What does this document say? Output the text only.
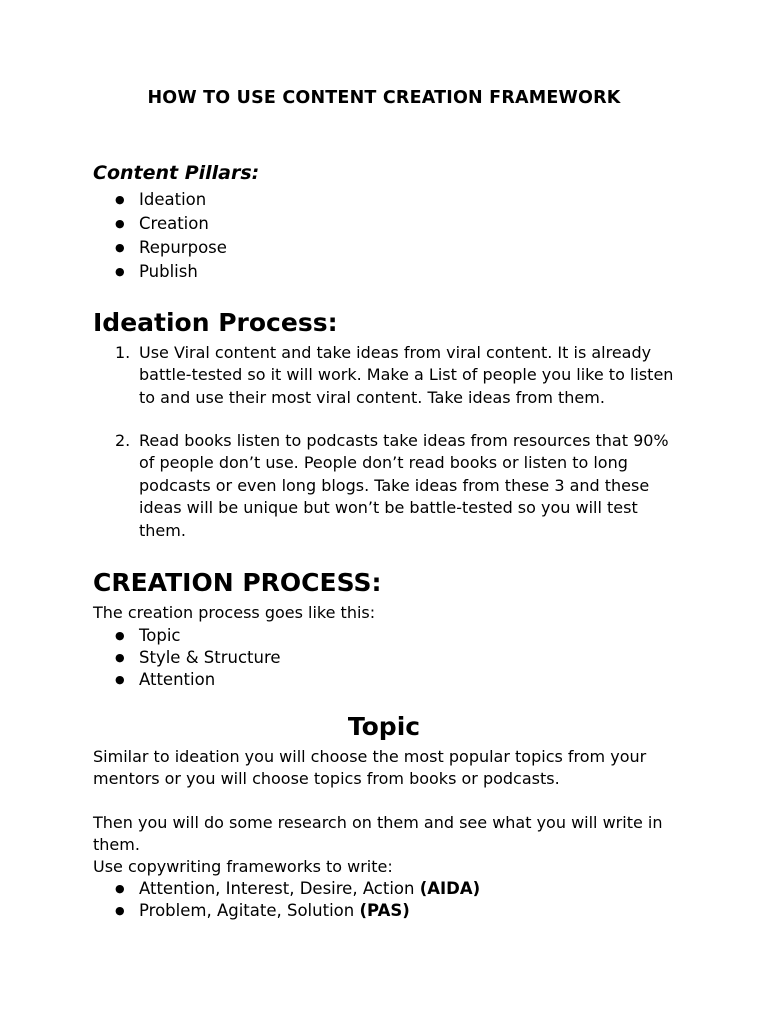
HOW TO USE CONTENT CREATION FRAMEWORK
Content Pillars:
● Ideation
● Creation
● Repurpose
● Publish
Ideation Process:
1. Use Viral content and take ideas from viral content. It is already battle-tested so it will work. Make a List of people you like to listen to and use their most viral content. Take ideas from them.
2. Read books listen to podcasts take ideas from resources that 90% of people don’t use. People don’t read books or listen to long podcasts or even long blogs. Take ideas from these 3 and these ideas will be unique but won’t be battle-tested so you will test them.
CREATION PROCESS:

The creation process goes like this:

● Topic
● Style & Structure
● Attention
Topic

Similar to ideation you will choose the most popular topics from your mentors or you will choose topics from books or podcasts.

Then you will do some research on them and see what you will write in them.

Use copywriting frameworks to write:

● Attention, Interest, Desire, Action (AIDA)
● Problem, Agitate, Solution (PAS)
